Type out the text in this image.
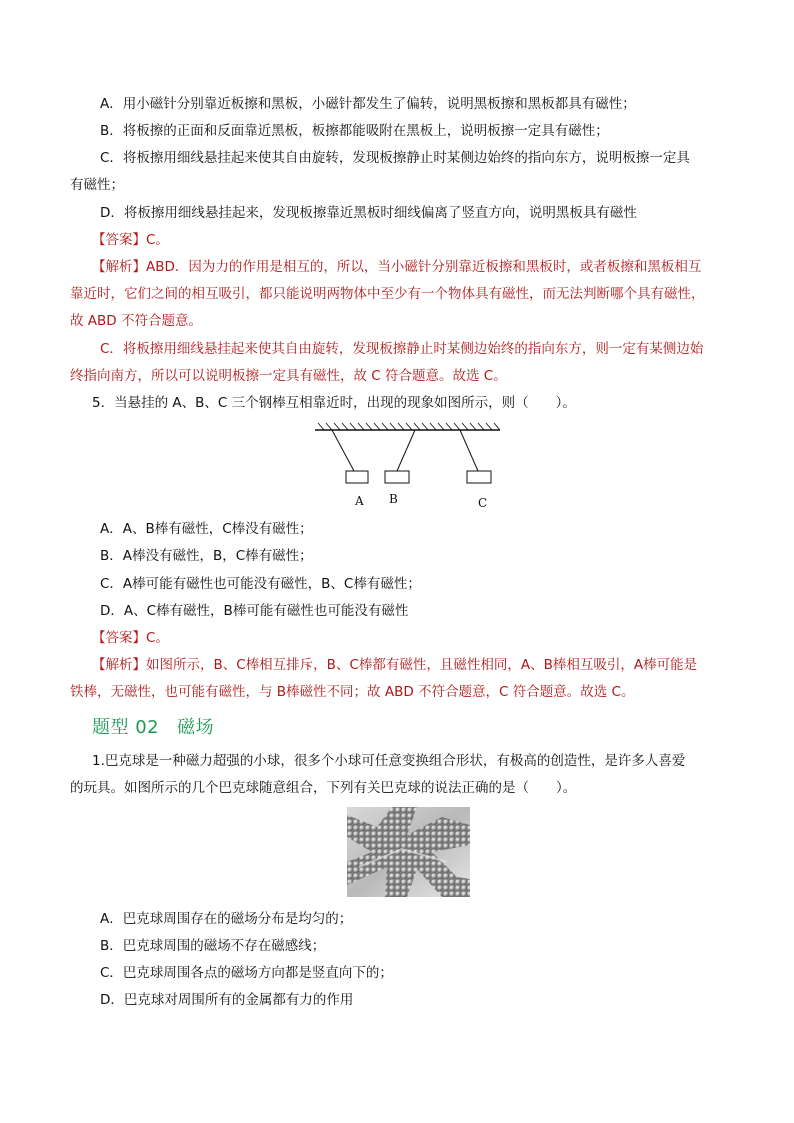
A．用小磁针分别靠近板擦和黑板，小磁针都发生了偏转，说明黑板擦和黑板都具有磁性；
B．将板擦的正面和反面靠近黑板，板擦都能吸附在黑板上，说明板擦一定具有磁性；
C．将板擦用细线悬挂起来使其自由旋转，发现板擦静止时某侧边始终的指向东方，说明板擦一定具
有磁性；
D．将板擦用细线悬挂起来，发现板擦靠近黑板时细线偏离了竖直方向，说明黑板具有磁性
【答案】C。
【解析】ABD．因为力的作用是相互的，所以，当小磁针分别靠近板擦和黑板时，或者板擦和黑板相互
靠近时，它们之间的相互吸引，都只能说明两物体中至少有一个物体具有磁性，而无法判断哪个具有磁性，
故 ABD 不符合题意。
C．将板擦用细线悬挂起来使其自由旋转，发现板擦静止时某侧边始终的指向东方，则一定有某侧边始
终指向南方，所以可以说明板擦一定具有磁性，故 C 符合题意。故选 C。
5．当悬挂的 A、B、C 三个钢棒互相靠近时，出现的现象如图所示，则（　　）。
A B	C
A．A、B棒有磁性，C棒没有磁性；
B．A棒没有磁性，B，C棒有磁性；
C．A棒可能有磁性也可能没有磁性，B、C棒有磁性；
D．A、C棒有磁性，B棒可能有磁性也可能没有磁性
【答案】C。
【解析】如图所示，B、C棒相互排斥，B、C棒都有磁性，且磁性相同，A、B棒相互吸引，A棒可能是
铁棒，无磁性，也可能有磁性，与 B棒磁性不同；故 ABD 不符合题意，C 符合题意。故选 C。
题型 02 磁场
1.巴克球是一种磁力超强的小球，很多个小球可任意变换组合形状，有极高的创造性，是许多人喜爱
的玩具。如图所示的几个巴克球随意组合，下列有关巴克球的说法正确的是（　　）。
A．巴克球周围存在的磁场分布是均匀的；
B．巴克球周围的磁场不存在磁感线；
C．巴克球周围各点的磁场方向都是竖直向下的；
D．巴克球对周围所有的金属都有力的作用
